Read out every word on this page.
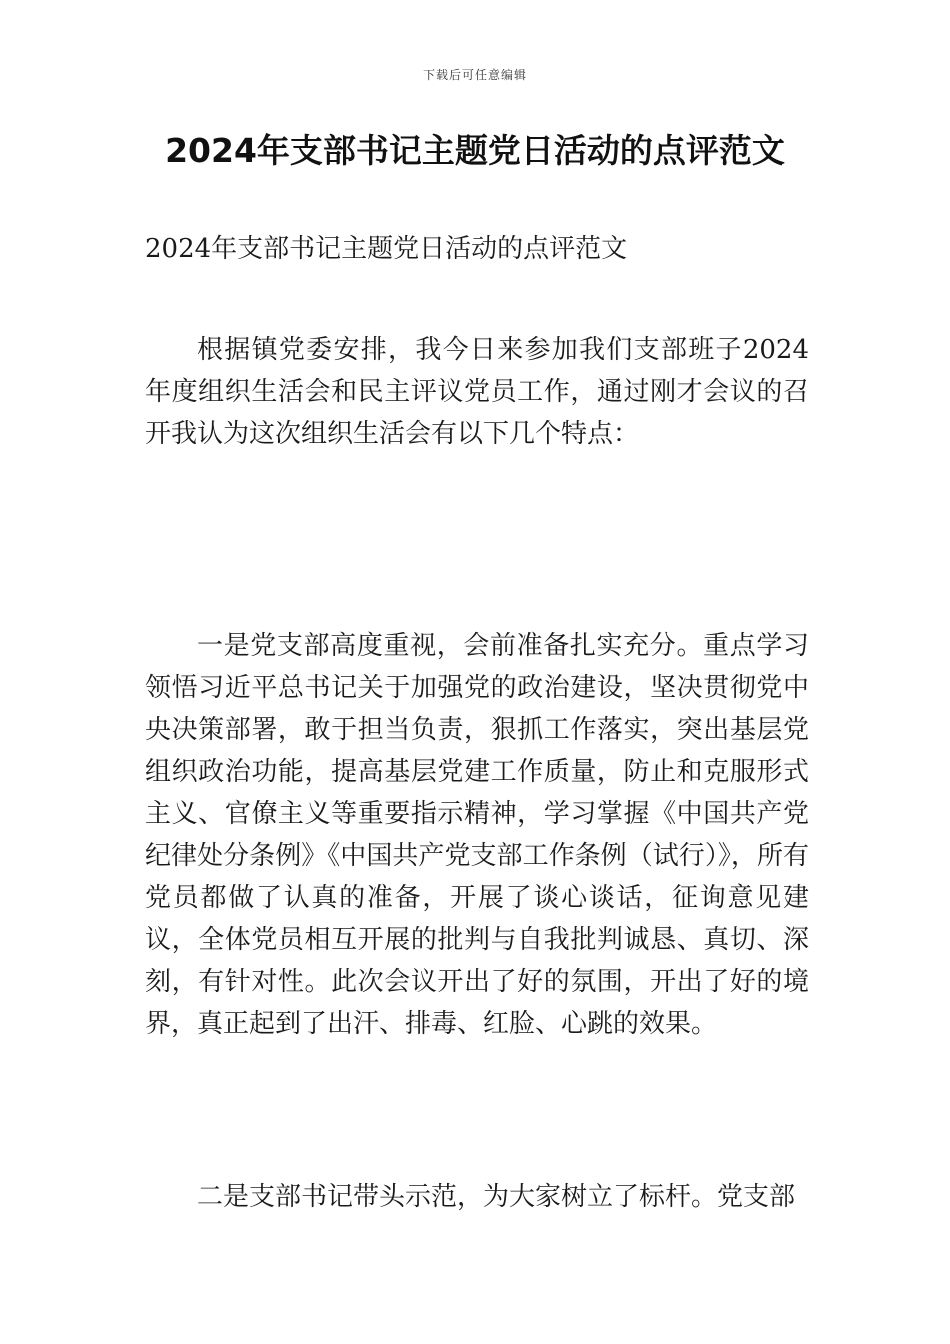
下载后可任意编辑
2024年支部书记主题党日活动的点评范文

2024年支部书记主题党日活动的点评范文

根据镇党委安排，我今日来参加我们支部班子2024年度组织生活会和民主评议党员工作，通过刚才会议的召开我认为这次组织生活会有以下几个特点：

一是党支部高度重视，会前准备扎实充分。重点学习领悟习近平总书记关于加强党的政治建设，坚决贯彻党中央决策部署，敢于担当负责，狠抓工作落实，突出基层党组织政治功能，提高基层党建工作质量，防止和克服形式主义、官僚主义等重要指示精神，学习掌握《中国共产党纪律处分条例》《中国共产党支部工作条例（试行）》，所有党员都做了认真的准备，开展了谈心谈话，征询意见建议，全体党员相互开展的批判与自我批判诚恳、真切、深刻，有针对性。此次会议开出了好的氛围，开出了好的境界，真正起到了出汗、排毒、红脸、心跳的效果。

二是支部书记带头示范，为大家树立了标杆。党支部
